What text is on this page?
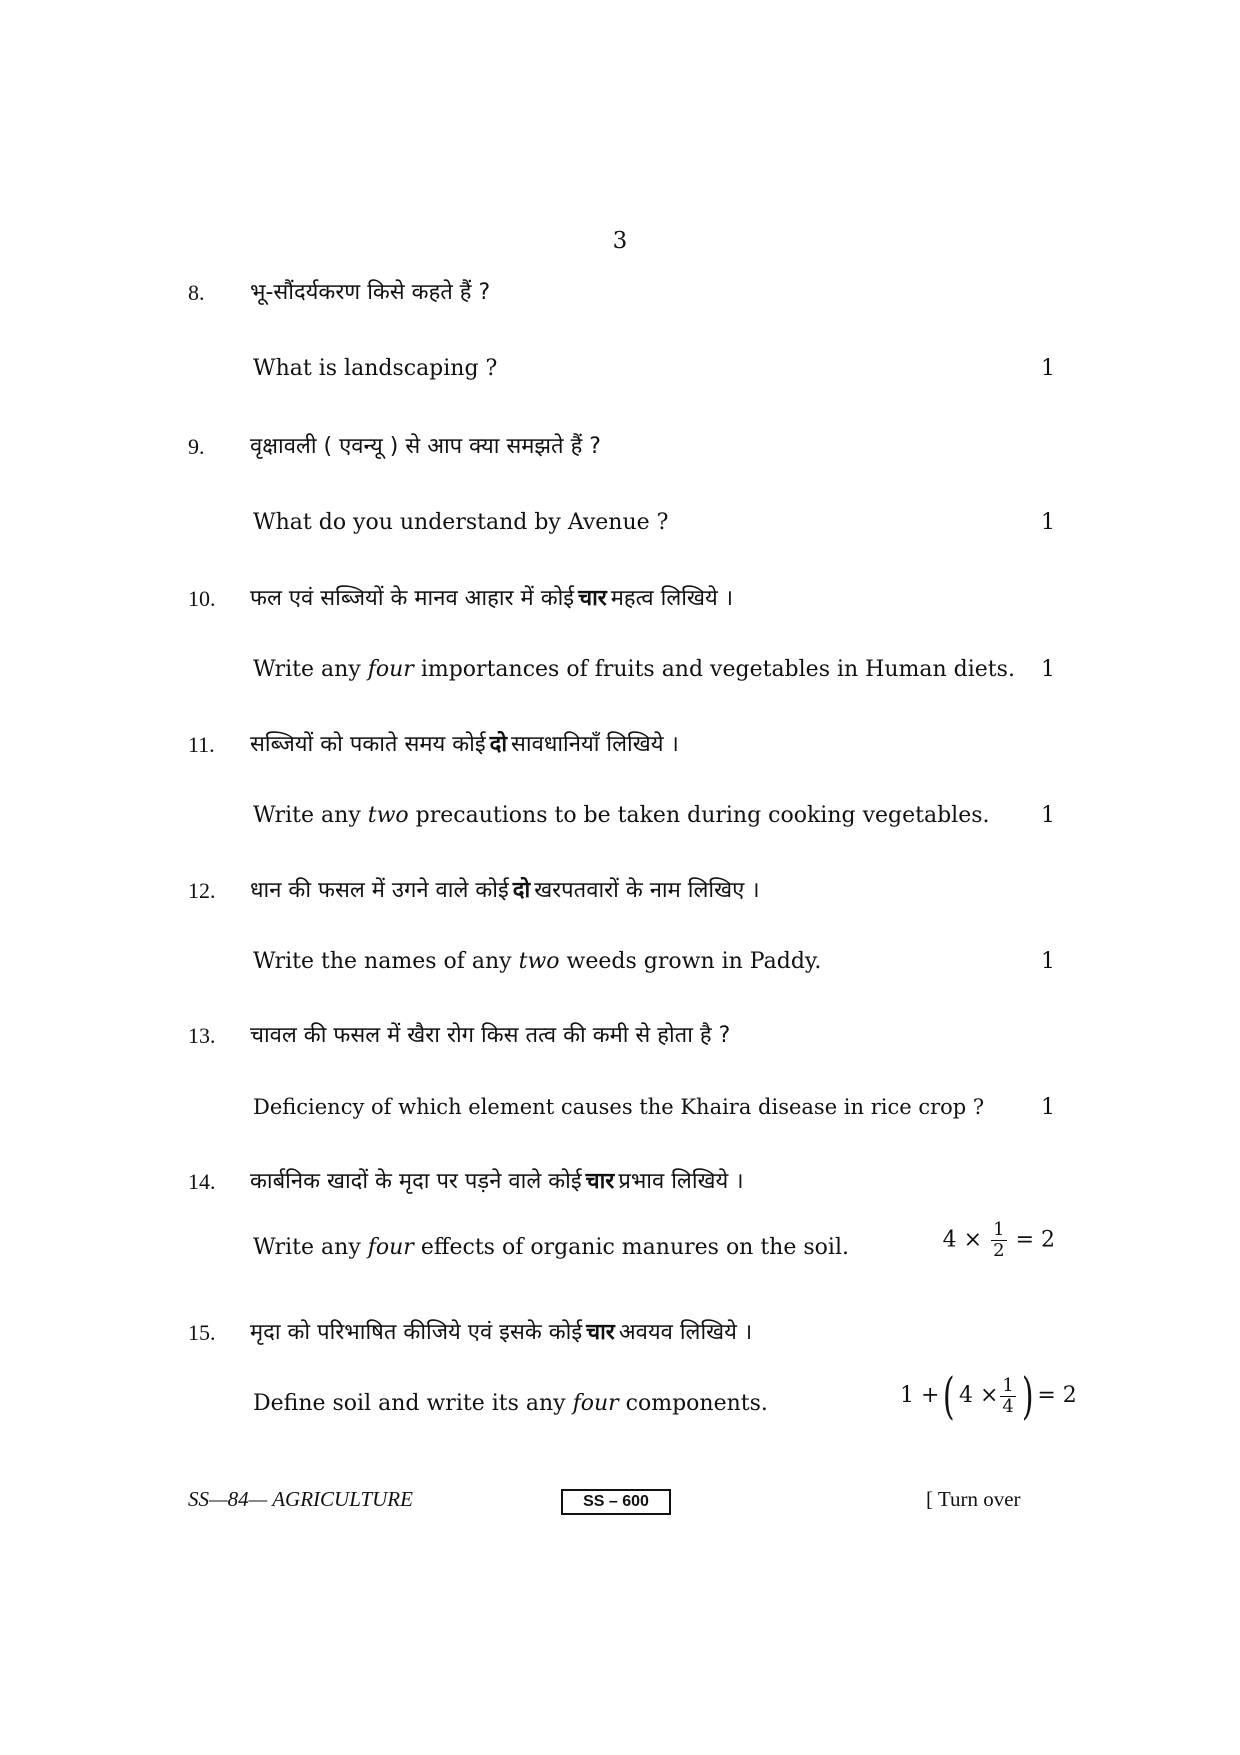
3
8. भू-सौंदर्यकरण किसे कहते हैं ?
What is landscaping ?	1
9. वृक्षावली ( एवन्यू ) से आप क्या समझते हैं ?
What do you understand by Avenue ?	1
10. फल एवं सब्जियों के मानव आहार में कोई चार महत्व लिखिये ।
Write any four importances of fruits and vegetables in Human diets.	1
11. सब्जियों को पकाते समय कोई दो सावधानियाँ लिखिये ।
Write any two precautions to be taken during cooking vegetables.	1
12. धान की फसल में उगने वाले कोई दो खरपतवारों के नाम लिखिए ।
Write the names of any two weeds grown in Paddy.	1
13. चावल की फसल में खैरा रोग किस तत्व की कमी से होता है ?
Deficiency of which element causes the Khaira disease in rice crop ?	1
14. कार्बनिक खादों के मृदा पर पड़ने वाले कोई चार प्रभाव लिखिये ।
Write any four effects of organic manures on the soil.	$4 \times \frac{1}{2} = 2$
15. मृदा को परिभाषित कीजिये एवं इसके कोई चार अवयव लिखिये ।
Define soil and write its any four components.	1 +( $4 \times \frac{1}{4}$ ) = 2
SS—84— AGRICULTURE	SS – 600	[ Turn over
